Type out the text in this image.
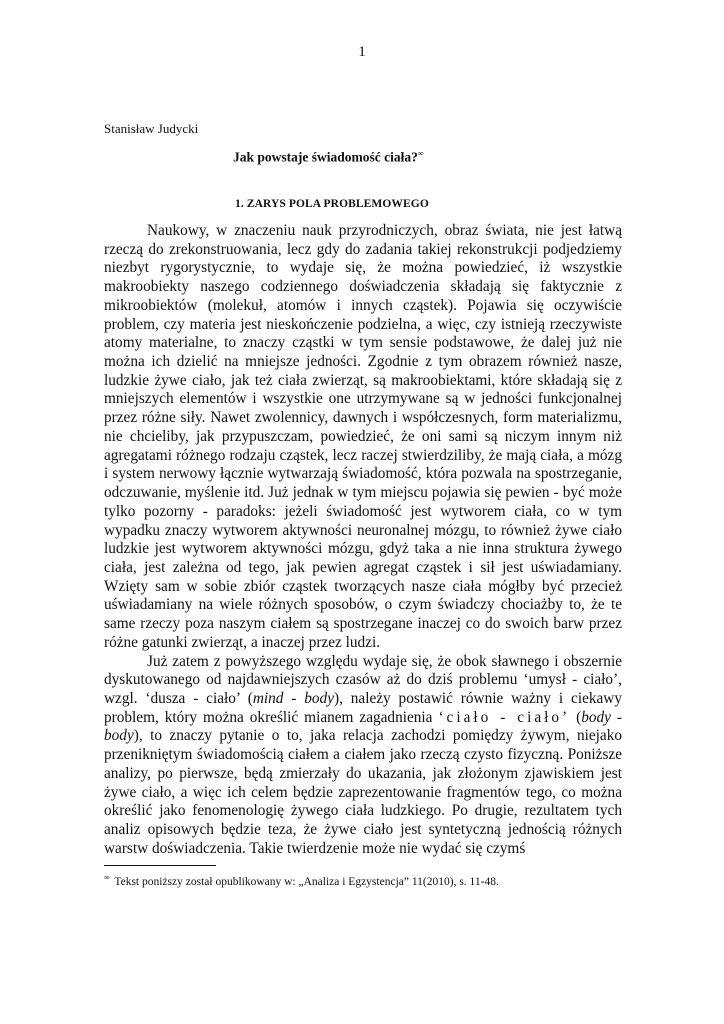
1
Stanisław Judycki
Jak powstaje świadomość ciała?∞
1. ZARYS POLA PROBLEMOWEGO

Naukowy, w znaczeniu nauk przyrodniczych, obraz świata, nie jest łatwą rzeczą do zrekonstruowania, lecz gdy do zadania takiej rekonstrukcji podjedziemy niezbyt rygorystycznie, to wydaje się, że można powiedzieć, iż wszystkie makroobiekty naszego codziennego doświadczenia składają się faktycznie z mikroobiektów (molekuł, atomów i innych cząstek). Pojawia się oczywiście problem, czy materia jest nieskończenie podzielna, a więc, czy istnieją rzeczywiste atomy materialne, to znaczy cząstki w tym sensie podstawowe, że dalej już nie można ich dzielić na mniejsze jedności. Zgodnie z tym obrazem również nasze, ludzkie żywe ciało, jak też ciała zwierząt, są makroobiektami, które składają się z mniejszych elementów i wszystkie one utrzymywane są w jedności funkcjonalnej przez różne siły. Nawet zwolennicy, dawnych i współczesnych, form materializmu, nie chcieliby, jak przypuszczam, powiedzieć, że oni sami są niczym innym niż agregatami różnego rodzaju cząstek, lecz raczej stwierdziliby, że mają ciała, a mózg i system nerwowy łącznie wytwarzają świadomość, która pozwala na spostrzeganie, odczuwanie, myślenie itd. Już jednak w tym miejscu pojawia się pewien - być może tylko pozorny - paradoks: jeżeli świadomość jest wytworem ciała, co w tym wypadku znaczy wytworem aktywności neuronalnej mózgu, to również żywe ciało ludzkie jest wytworem aktywności mózgu, gdyż taka a nie inna struktura żywego ciała, jest zależna od tego, jak pewien agregat cząstek i sił jest uświadamiany. Wzięty sam w sobie zbiór cząstek tworzących nasze ciała mógłby być przecież uświadamiany na wiele różnych sposobów, o czym świadczy chociażby to, że te same rzeczy poza naszym ciałem są spostrzegane inaczej co do swoich barw przez różne gatunki zwierząt, a inaczej przez ludzi.

Już zatem z powyższego względu wydaje się, że obok sławnego i obszernie dyskutowanego od najdawniejszych czasów aż do dziś problemu ‘umysł - ciało’, wzgl. ‘dusza - ciało’ (mind - body), należy postawić równie ważny i ciekawy problem, który można określić mianem zagadnienia ‘ciało - ciało’ (body - body), to znaczy pytanie o to, jaka relacja zachodzi pomiędzy żywym, niejako przenikniętym świadomością ciałem a ciałem jako rzeczą czysto fizyczną. Poniższe analizy, po pierwsze, będą zmierzały do ukazania, jak złożonym zjawiskiem jest żywe ciało, a więc ich celem będzie zaprezentowanie fragmentów tego, co można określić jako fenomenologię żywego ciała ludzkiego. Po drugie, rezultatem tych analiz opisowych będzie teza, że żywe ciało jest syntetyczną jednością różnych warstw doświadczenia. Takie twierdzenie może nie wydać się czymś

∞ Tekst poniższy został opublikowany w: „Analiza i Egzystencja” 11(2010), s. 11-48.
